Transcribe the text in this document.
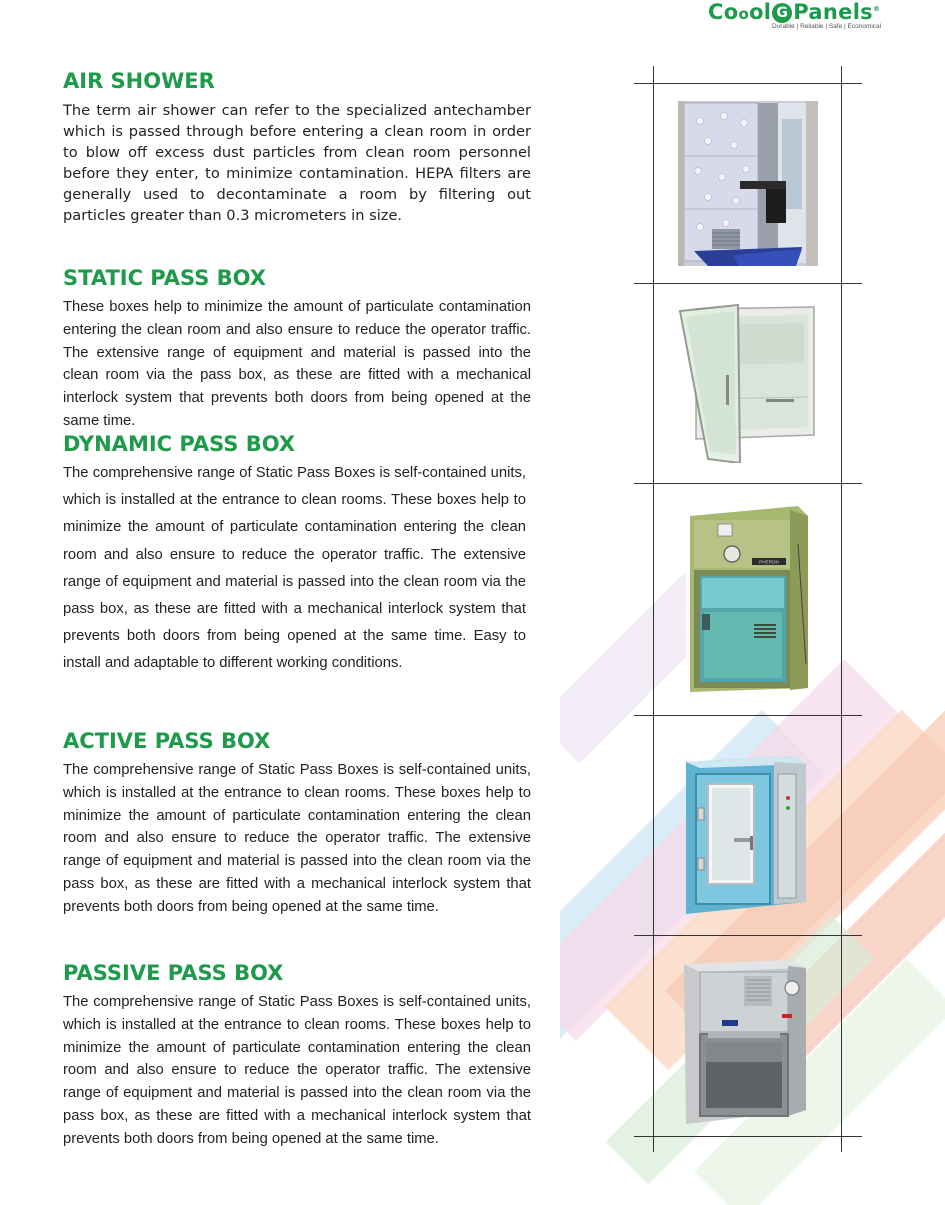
Coool G Panels®
Durable | Reliable | Safe | Economical
AIR SHOWER

The term air shower can refer to the specialized antechamber which is passed through before entering a clean room in order to blow off excess dust particles from clean room personnel before they enter, to minimize contamination. HEPA filters are generally used to decontaminate a room by filtering out particles greater than 0.3 micrometers in size.

STATIC PASS BOX

These boxes help to minimize the amount of particulate contamination entering the clean room and also ensure to reduce the operator traffic. The extensive range of equipment and material is passed into the clean room via the pass box, as these are fitted with a mechanical interlock system that prevents both doors from being opened at the same time.

DYNAMIC PASS BOX

The comprehensive range of Static Pass Boxes is self-contained units, which is installed at the entrance to clean rooms. These boxes help to minimize the amount of particulate contamination entering the clean room and also ensure to reduce the operator traffic. The extensive range of equipment and material is passed into the clean room via the pass box, as these are fitted with a mechanical interlock system that prevents both doors from being opened at the same time. Easy to install and adaptable to different working conditions.

ACTIVE PASS BOX

The comprehensive range of Static Pass Boxes is self-contained units, which is installed at the entrance to clean rooms. These boxes help to minimize the amount of particulate contamination entering the clean room and also ensure to reduce the operator traffic. The extensive range of equipment and material is passed into the clean room via the pass box, as these are fitted with a mechanical interlock system that prevents both doors from being opened at the same time.

PASSIVE PASS BOX

The comprehensive range of Static Pass Boxes is self-contained units, which is installed at the entrance to clean rooms. These boxes help to minimize the amount of particulate contamination entering the clean room and also ensure to reduce the operator traffic. The extensive range of equipment and material is passed into the clean room via the pass box, as these are fitted with a mechanical interlock system that prevents both doors from being opened at the same time.

PHERON
